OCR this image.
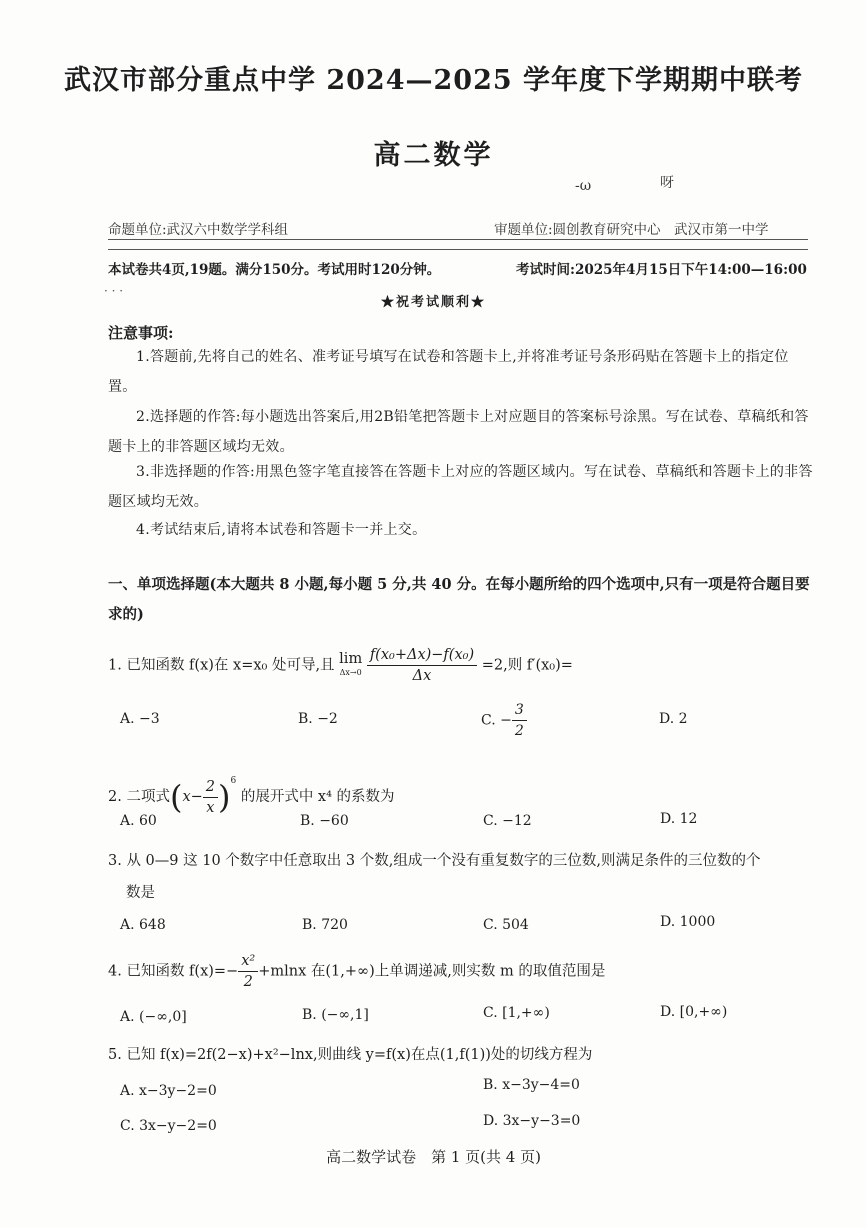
武汉市部分重点中学 2024—2025 学年度下学期期中联考
高二数学
-ω	呀
命题单位:武汉六中数学学科组	审题单位:圆创教育研究中心　武汉市第一中学
本试卷共4页,19题。满分150分。考试用时120分钟。	考试时间:2025年4月15日下午14:00—16:00
· · ·
★祝考试顺利★
注意事项:
1.答题前,先将自己的姓名、准考证号填写在试卷和答题卡上,并将准考证号条形码贴在答题卡上的指定位置。
2.选择题的作答:每小题选出答案后,用2B铅笔把答题卡上对应题目的答案标号涂黑。写在试卷、草稿纸和答题卡上的非答题区域均无效。
3.非选择题的作答:用黑色签字笔直接答在答题卡上对应的答题区域内。写在试卷、草稿纸和答题卡上的非答题区域均无效。
4.考试结束后,请将本试卷和答题卡一并上交。
一、单项选择题(本大题共 8 小题,每小题 5 分,共 40 分。在每小题所给的四个选项中,只有一项是符合题目要求的)
1. 已知函数 f(x)在 x=x₀ 处可导,且 lim
Δx→0
$\frac{\text{f(x₀+Δx)−f(x₀)}}{\Delta x} =2$,则 f′(x₀)=
A. −3	B. −2	C. − $\frac{3}{2}$	D. 2
2. 二项式$(x- \frac{2}{x} )^6$ 的展开式中 x⁴ 的系数为
A. 60	B. −60	C. −12	D. 12
3. 从 0—9 这 10 个数字中任意取出 3 个数,组成一个没有重复数字的三位数,则满足条件的三位数的个
数是
A. 648	B. 720	C. 504	D. 1000
4. 已知函数 $f(x)=- \frac{\text{x²}}{2} +mlnx$ 在(1,+∞)上单调递减,则实数 m 的取值范围是
A. (−∞,0]	B. (−∞,1]	C. [1,+∞)	D. [0,+∞)
5. 已知 f(x)=2f(2−x)+x²−lnx,则曲线 y=f(x)在点(1,f(1))处的切线方程为
A. x−3y−2=0	B. x−3y−4=0
C. 3x−y−2=0	D. 3x−y−3=0
高二数学试卷　第 1 页(共 4 页)
